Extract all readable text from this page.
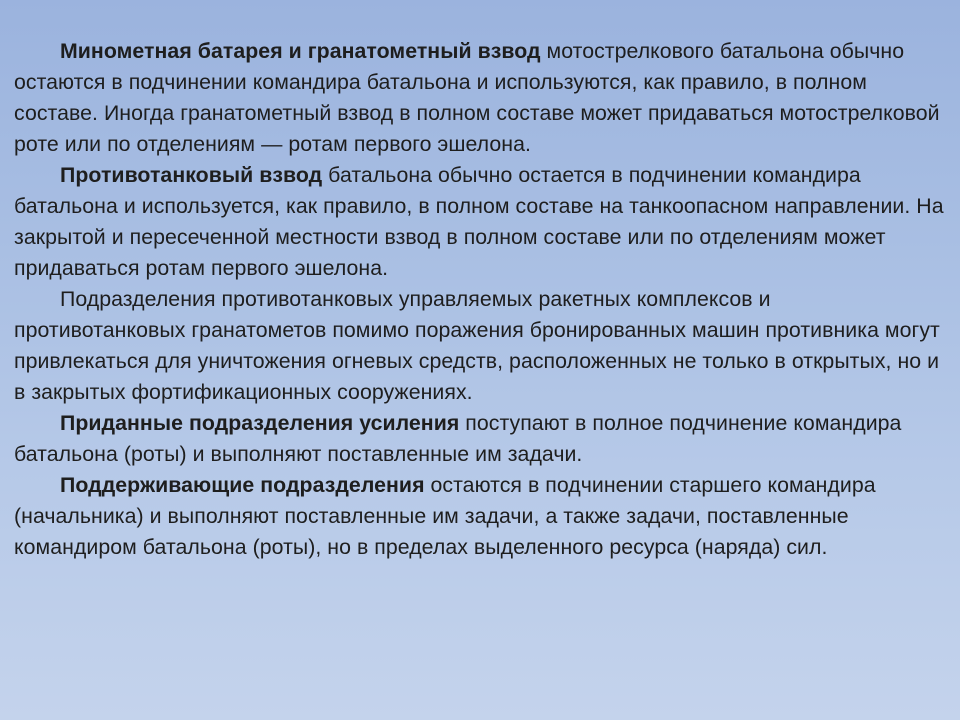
Минометная батарея и гранатометный взвод мотострелкового батальона обычно остаются в подчинении командира батальона и используются, как правило, в полном составе. Иногда гранатометный взвод в полном составе может придаваться мотострелковой роте или по отделениям — ротам первого эшелона.

Противотанковый взвод батальона обычно остается в подчинении командира батальона и используется, как правило, в полном составе на танкоопасном направлении. На закрытой и пересеченной местности взвод в полном составе или по отделениям может придаваться ротам первого эшелона.

Подразделения противотанковых управляемых ракетных комплексов и противотанковых гранатометов помимо поражения бронированных машин противника могут привлекаться для уничтожения огневых средств, расположенных не только в открытых, но и в закрытых фортификационных сооружениях.

Приданные подразделения усиления поступают в полное подчинение командира батальона (роты) и выполняют поставленные им задачи.

Поддерживающие подразделения остаются в подчинении старшего командира (начальника) и выполняют поставленные им задачи, а также задачи, поставленные командиром батальона (роты), но в пределах выделенного ресурса (наряда) сил.
